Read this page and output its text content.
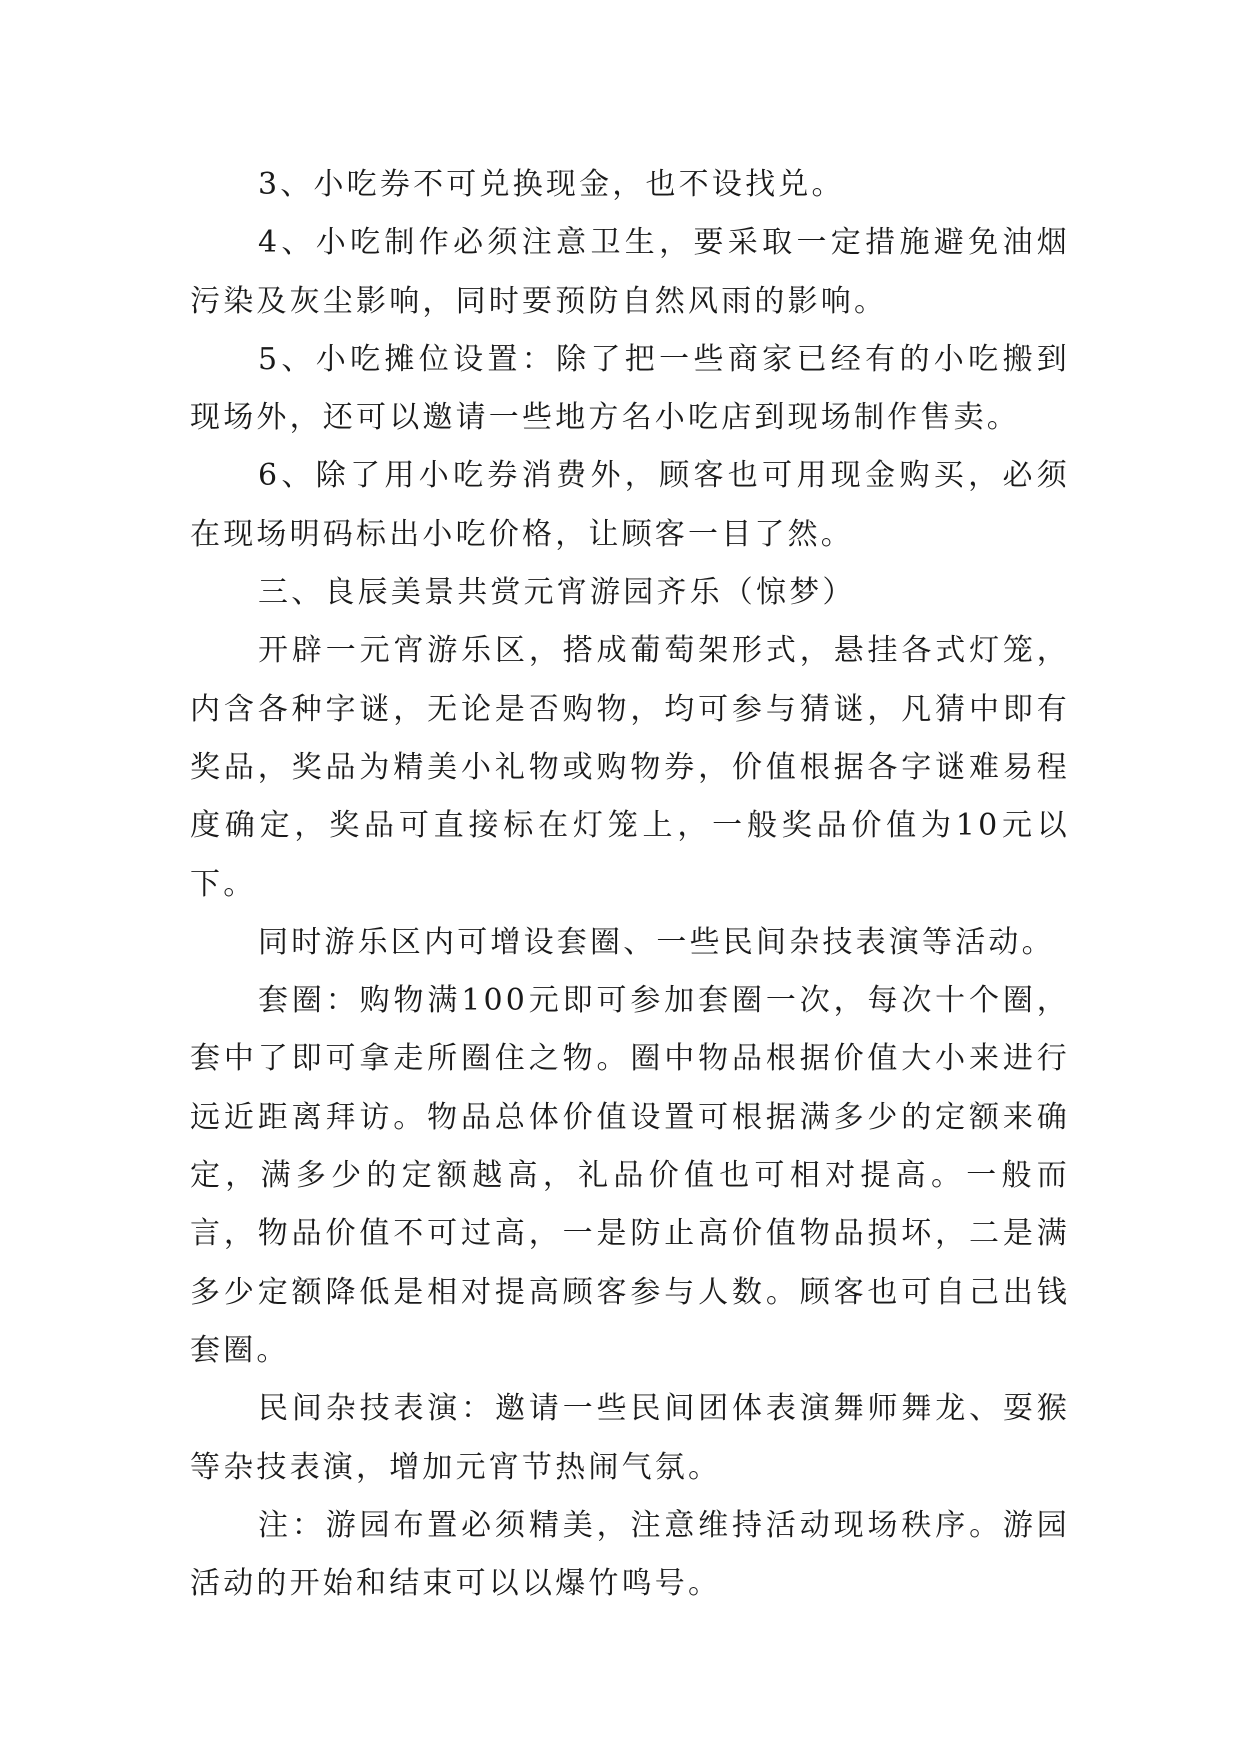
3、小吃券不可兑换现金，也不设找兑。

4、小吃制作必须注意卫生，要采取一定措施避免油烟污染及灰尘影响，同时要预防自然风雨的影响。

5、小吃摊位设置：除了把一些商家已经有的小吃搬到现场外，还可以邀请一些地方名小吃店到现场制作售卖。

6、除了用小吃券消费外，顾客也可用现金购买，必须在现场明码标出小吃价格，让顾客一目了然。

三、良辰美景共赏元宵游园齐乐（惊梦）

开辟一元宵游乐区，搭成葡萄架形式，悬挂各式灯笼，内含各种字谜，无论是否购物，均可参与猜谜，凡猜中即有奖品，奖品为精美小礼物或购物券，价值根据各字谜难易程度确定，奖品可直接标在灯笼上，一般奖品价值为10元以下。

同时游乐区内可增设套圈、一些民间杂技表演等活动。

套圈：购物满100元即可参加套圈一次，每次十个圈，套中了即可拿走所圈住之物。圈中物品根据价值大小来进行远近距离拜访。物品总体价值设置可根据满多少的定额来确定，满多少的定额越高，礼品价值也可相对提高。一般而言，物品价值不可过高，一是防止高价值物品损坏，二是满多少定额降低是相对提高顾客参与人数。顾客也可自己出钱套圈。

民间杂技表演：邀请一些民间团体表演舞师舞龙、耍猴等杂技表演，增加元宵节热闹气氛。

注：游园布置必须精美，注意维持活动现场秩序。游园活动的开始和结束可以以爆竹鸣号。
